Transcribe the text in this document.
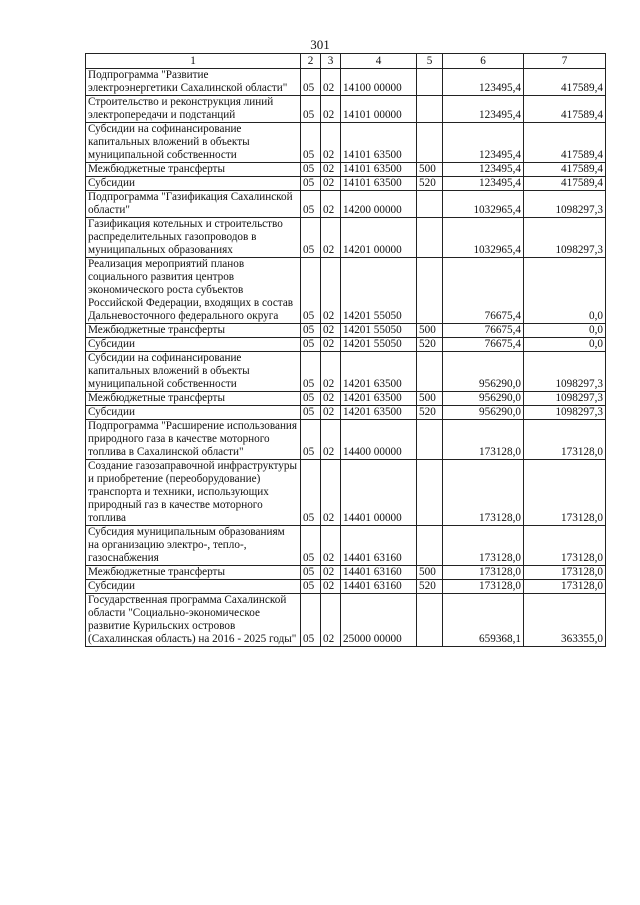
301
1	2	3	4	5	6	7
Подпрограмма "Развитие электроэнергетики Сахалинской области"	05	02	14100 00000		123495,4	417589,4
Строительство и реконструкция линий электропередачи и подстанций	05	02	14101 00000		123495,4	417589,4
Субсидии на софинансирование капитальных вложений в объекты муниципальной собственности	05	02	14101 63500		123495,4	417589,4
Межбюджетные трансферты	05	02	14101 63500	500	123495,4	417589,4
Субсидии	05	02	14101 63500	520	123495,4	417589,4
Подпрограмма "Газификация Сахалинской области"	05	02	14200 00000		1032965,4	1098297,3
Газификация котельных и строительство распределительных газопроводов в муниципальных образованиях	05	02	14201 00000		1032965,4	1098297,3
Реализация мероприятий планов социального развития центров экономического роста субъектов Российской Федерации, входящих в состав Дальневосточного федерального округа	05	02	14201 55050		76675,4	0,0
Межбюджетные трансферты	05	02	14201 55050	500	76675,4	0,0
Субсидии	05	02	14201 55050	520	76675,4	0,0
Субсидии на софинансирование капитальных вложений в объекты муниципальной собственности	05	02	14201 63500		956290,0	1098297,3
Межбюджетные трансферты	05	02	14201 63500	500	956290,0	1098297,3
Субсидии	05	02	14201 63500	520	956290,0	1098297,3
Подпрограмма "Расширение использования природного газа в качестве моторного топлива в Сахалинской области"	05	02	14400 00000		173128,0	173128,0
Создание газозаправочной инфраструктуры и приобретение (переоборудование) транспорта и техники, использующих природный газ в качестве моторного топлива	05	02	14401 00000		173128,0	173128,0
Субсидия муниципальным образованиям на организацию электро-, тепло-, газоснабжения	05	02	14401 63160		173128,0	173128,0
Межбюджетные трансферты	05	02	14401 63160	500	173128,0	173128,0
Субсидии	05	02	14401 63160	520	173128,0	173128,0
Государственная программа Сахалинской области "Социально-экономическое развитие Курильских островов (Сахалинская область) на 2016 - 2025 годы"	05	02	25000 00000		659368,1	363355,0
